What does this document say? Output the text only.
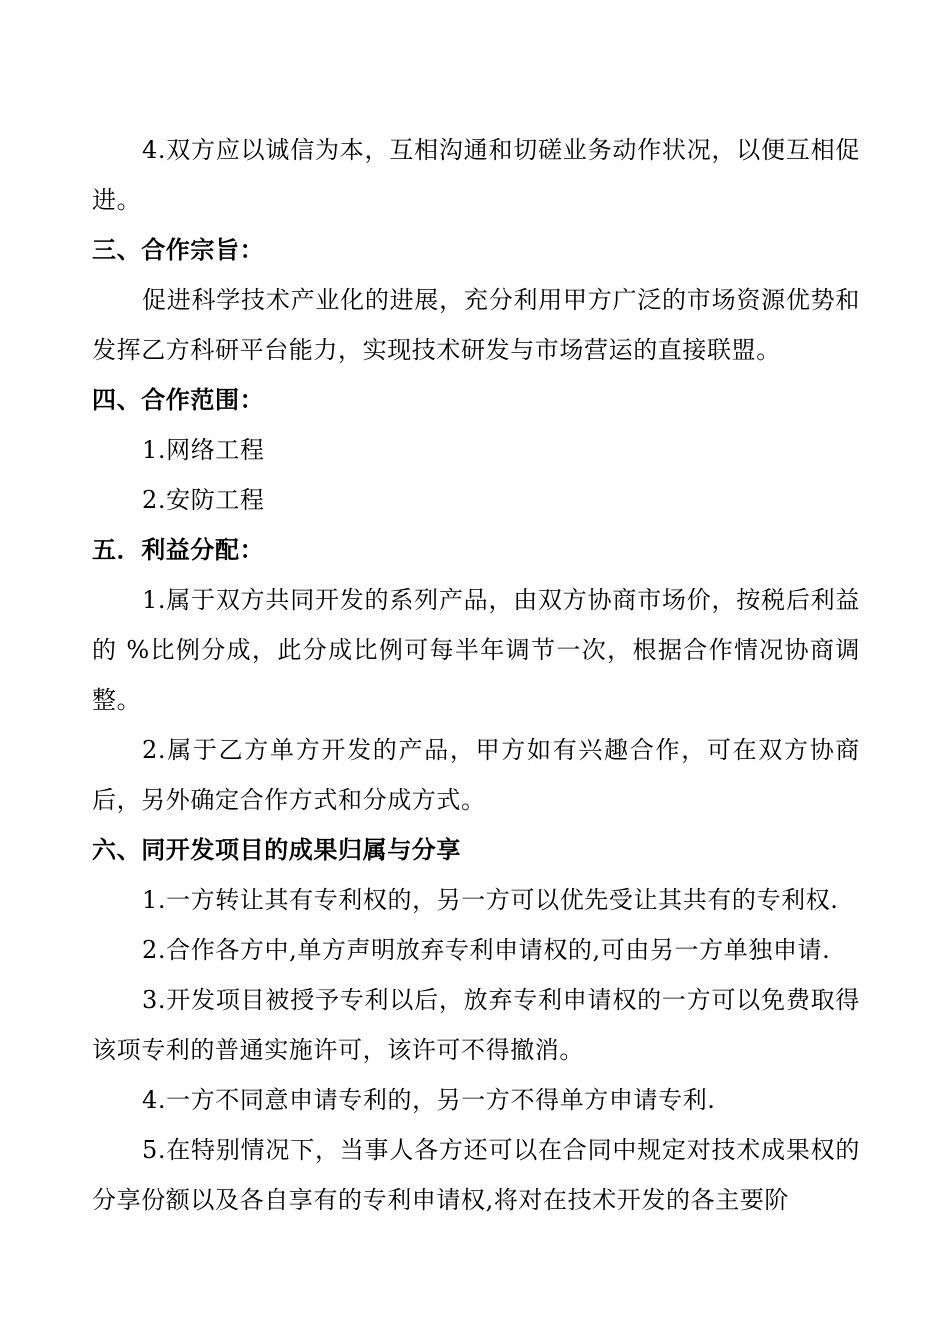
4.双方应以诚信为本，互相沟通和切磋业务动作状况，以便互相促进。

三、合作宗旨：

促进科学技术产业化的进展，充分利用甲方广泛的市场资源优势和发挥乙方科研平台能力，实现技术研发与市场营运的直接联盟。

四、合作范围：

1.网络工程

2.安防工程

五．利益分配：

1.属于双方共同开发的系列产品，由双方协商市场价，按税后利益的 %比例分成，此分成比例可每半年调节一次，根据合作情况协商调整。

2.属于乙方单方开发的产品，甲方如有兴趣合作，可在双方协商后，另外确定合作方式和分成方式。

六、同开发项目的成果归属与分享

1.一方转让其有专利权的，另一方可以优先受让其共有的专利权.

2.合作各方中,单方声明放弃专利申请权的,可由另一方单独申请.

3.开发项目被授予专利以后，放弃专利申请权的一方可以免费取得该项专利的普通实施许可，该许可不得撤消。

4.一方不同意申请专利的，另一方不得单方申请专利.

5.在特别情况下，当事人各方还可以在合同中规定对技术成果权的分享份额以及各自享有的专利申请权,将对在技术开发的各主要阶
